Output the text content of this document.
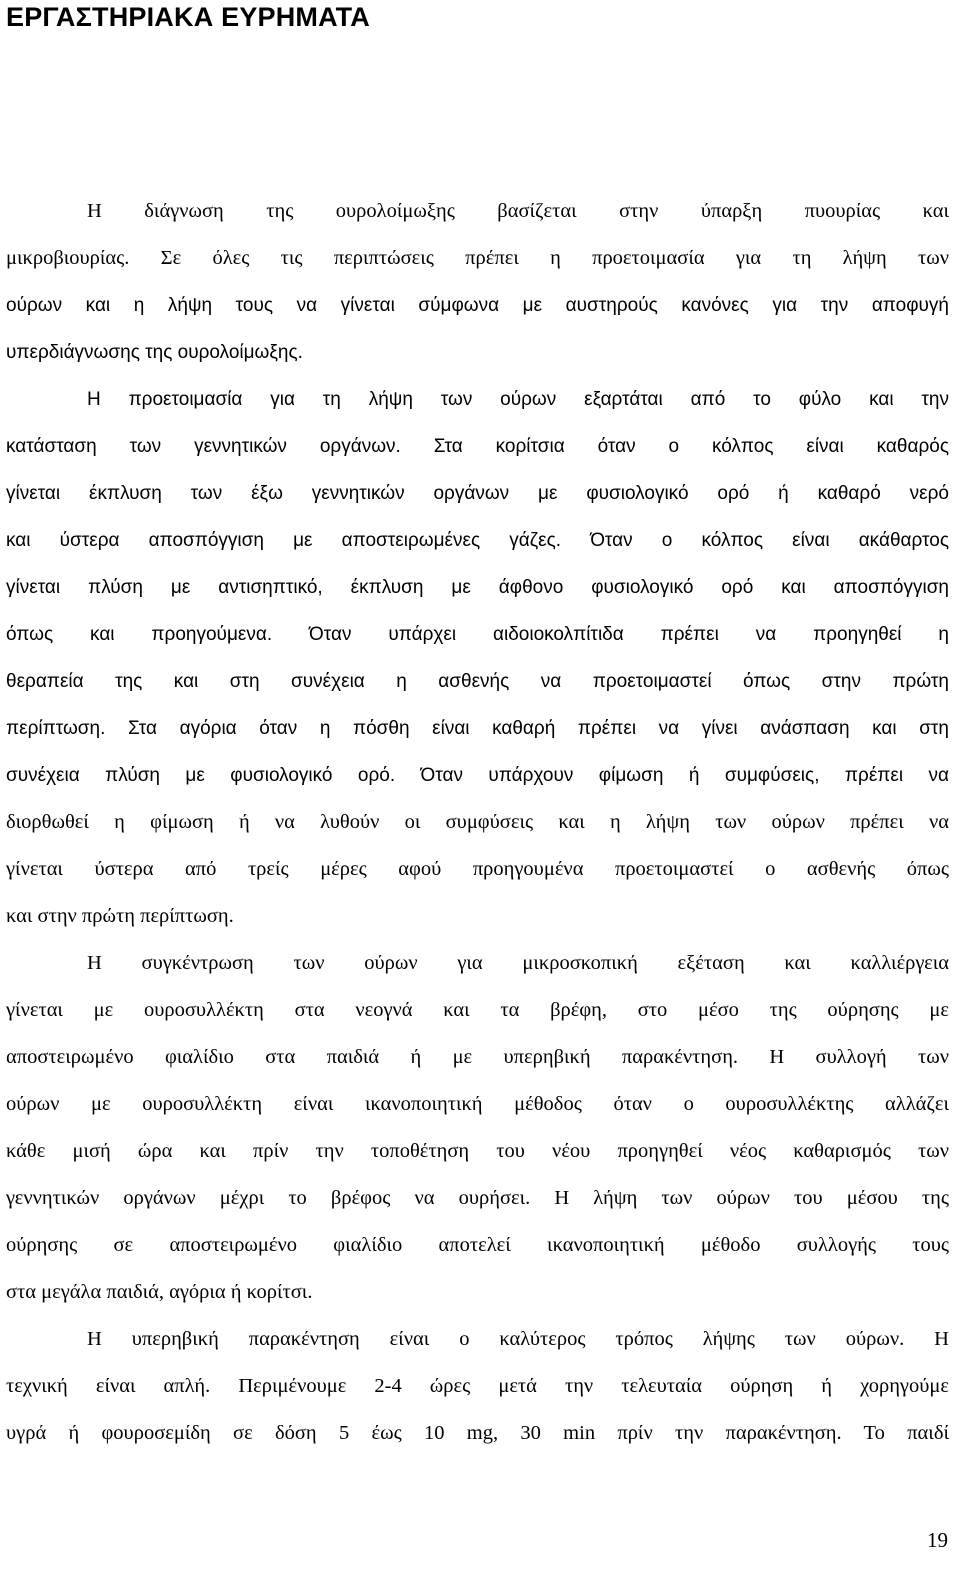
ΕΡΓΑΣΤΗΡΙΑΚΑ ΕΥΡΗΜΑΤΑ
Η διάγνωση της ουρολοίμωξης βασίζεται στην ύπαρξη πυουρίας και
μικροβιουρίας. Σε όλες τις περιπτώσεις πρέπει η προετοιμασία για τη λήψη των
ούρων και η λήψη τους να γίνεται σύμφωνα με αυστηρούς κανόνες για την αποφυγή
υπερδιάγνωσης της ουρολοίμωξης.
Η προετοιμασία για τη λήψη των ούρων εξαρτάται από το φύλο και την
κατάσταση των γεννητικών οργάνων. Στα κορίτσια όταν ο κόλπος είναι καθαρός
γίνεται έκπλυση των έξω γεννητικών οργάνων με φυσιολογικό ορό ή καθαρό νερό
και ύστερα αποσπόγγιση με αποστειρωμένες γάζες. Όταν ο κόλπος είναι ακάθαρτος
γίνεται πλύση με αντισηπτικό, έκπλυση με άφθονο φυσιολογικό ορό και αποσπόγγιση
όπως και προηγούμενα. Όταν υπάρχει αιδοιοκολπίτιδα πρέπει να προηγηθεί η
θεραπεία της και στη συνέχεια η ασθενής να προετοιμαστεί όπως στην πρώτη
περίπτωση. Στα αγόρια όταν η πόσθη είναι καθαρή πρέπει να γίνει ανάσπαση και στη
συνέχεια πλύση με φυσιολογικό ορό. Όταν υπάρχουν φίμωση ή συμφύσεις, πρέπει να
διορθωθεί η φίμωση ή να λυθούν οι συμφύσεις και η λήψη των ούρων πρέπει να
γίνεται ύστερα από τρείς μέρες αφού προηγουμένα προετοιμαστεί ο ασθενής όπως
και στην πρώτη περίπτωση.
Η συγκέντρωση των ούρων για μικροσκοπική εξέταση και καλλιέργεια
γίνεται με ουροσυλλέκτη στα νεογνά και τα βρέφη, στο μέσο της ούρησης με
αποστειρωμένο φιαλίδιο στα παιδιά ή με υπερηβική παρακέντηση. Η συλλογή των
ούρων με ουροσυλλέκτη είναι ικανοποιητική μέθοδος όταν ο ουροσυλλέκτης αλλάζει
κάθε μισή ώρα και πρίν την τοποθέτηση του νέου προηγηθεί νέος καθαρισμός των
γεννητικών οργάνων μέχρι το βρέφος να ουρήσει. Η λήψη των ούρων του μέσου της
ούρησης σε αποστειρωμένο φιαλίδιο αποτελεί ικανοποιητική μέθοδο συλλογής τους
στα μεγάλα παιδιά, αγόρια ή κορίτσι.
Η υπερηβική παρακέντηση είναι ο καλύτερος τρόπος λήψης των ούρων. Η
τεχνική είναι απλή. Περιμένουμε 2-4 ώρες μετά την τελευταία ούρηση ή χορηγούμε
υγρά ή φουροσεμίδη σε δόση 5 έως 10 mg, 30 min πρίν την παρακέντηση. Το παιδί
19
